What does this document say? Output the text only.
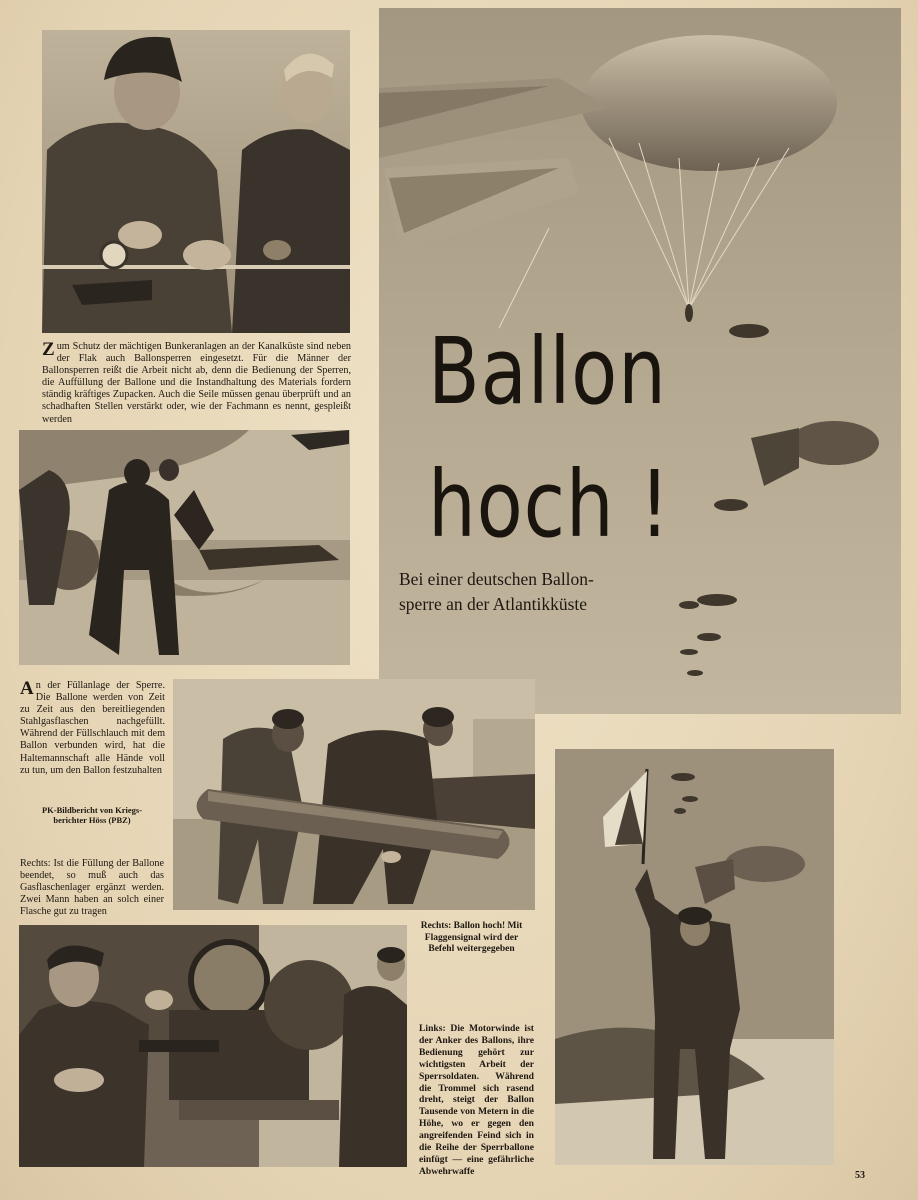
Zum Schutz der mächtigen Bunkeranlagen an der Kanalküste sind neben der Flak auch Ballonsperren eingesetzt. Für die Männer der Ballonsperren reißt die Arbeit nicht ab, denn die Bedienung der Sperren, die Auffüllung der Ballone und die Instandhaltung des Materials fordern ständig kräftiges Zupacken. Auch die Seile müssen genau überprüft und an schadhaften Stellen verstärkt oder, wie der Fachmann es nennt, gespleißt werden	Ballon
hoch !
Bei einer deutschen Ballon-
sperre an der Atlantikküste
An der Füllanlage der Sperre. Die Ballone werden von Zeit zu Zeit aus den bereitliegenden Stahlgasflaschen nachgefüllt. Während der Füllschlauch mit dem Ballon verbunden wird, hat die Haltemannschaft alle Hände voll zu tun, um den Ballon festzuhalten
PK-Bildbericht von Kriegs-
berichter Höss (PBZ)
Rechts: Ist die Füllung der Ballone beendet, so muß auch das Gasflaschenlager ergänzt werden. Zwei Mann haben an solch einer Flasche gut zu tragen
Rechts: Ballon hoch! Mit Flaggensignal wird der Befehl weitergegeben
Links: Die Motorwinde ist der Anker des Ballons, ihre Bedienung gehört zur wichtigsten Arbeit der Sperrsoldaten. Während die Trommel sich rasend dreht, steigt der Ballon Tausende von Metern in die Höhe, wo er gegen den angreifenden Feind sich in die Reihe der Sperrballone einfügt — eine gefährliche Abwehrwaffe	53
